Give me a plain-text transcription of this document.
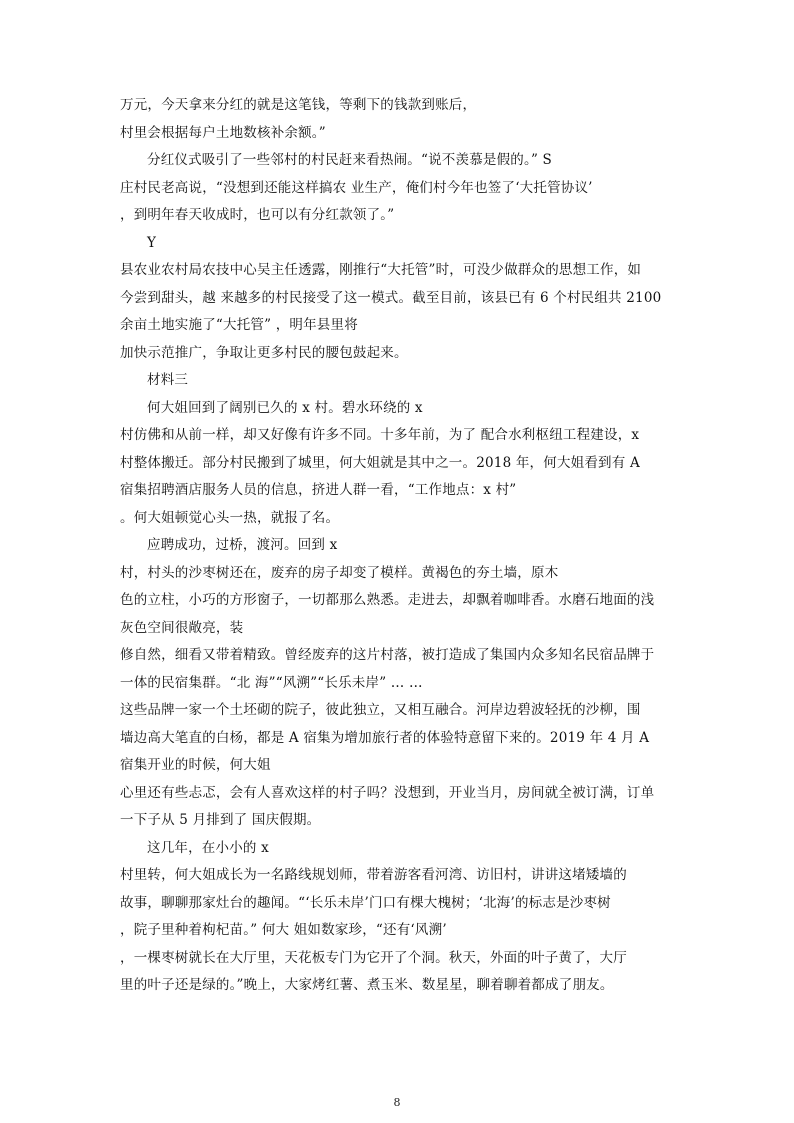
万元，今天拿来分红的就是这笔钱，等剩下的钱款到账后，
村里会根据每户土地数核补余额。”
分红仪式吸引了一些邻村的村民赶来看热闹。“说不羡慕是假的。” S
庄村民老高说，“没想到还能这样搞农 业生产，俺们村今年也签了‘大托管协议’
，到明年春天收成时，也可以有分红款领了。”
Y
县农业农村局农技中心吴主任透露，刚推行“大托管”时，可没少做群众的思想工作，如
今尝到甜头，越 来越多的村民接受了这一模式。截至目前，该县已有 6 个村民组共 2100
余亩土地实施了“大托管” ，明年县里将
加快示范推广，争取让更多村民的腰包鼓起来。
材料三
何大姐回到了阔别已久的 x 村。碧水环绕的 x
村仿佛和从前一样，却又好像有许多不同。十多年前，为了 配合水利枢纽工程建设，x
村整体搬迁。部分村民搬到了城里，何大姐就是其中之一。2018 年，何大姐看到有 A
宿集招聘酒店服务人员的信息，挤进人群一看，“工作地点：x 村”
。何大姐顿觉心头一热，就报了名。
应聘成功，过桥，渡河。回到 x
村，村头的沙枣树还在，废弃的房子却变了模样。黄褐色的夯土墙，原木
色的立柱，小巧的方形窗子，一切都那么熟悉。走进去，却飘着咖啡香。水磨石地面的浅
灰色空间很敞亮，装
修自然，细看又带着精致。曾经废弃的这片村落，被打造成了集国内众多知名民宿品牌于
一体的民宿集群。“北 海”“风溯”“长乐未岸” … …
这些品牌一家一个土坯砌的院子，彼此独立，又相互融合。河岸边碧波轻抚的沙柳，围
墙边高大笔直的白杨，都是 A 宿集为增加旅行者的体验特意留下来的。2019 年 4 月 A
宿集开业的时候，何大姐
心里还有些忐忑，会有人喜欢这样的村子吗？没想到，开业当月，房间就全被订满，订单
一下子从 5 月排到了 国庆假期。
这几年，在小小的 x
村里转，何大姐成长为一名路线规划师，带着游客看河湾、访旧村，讲讲这堵矮墙的
故事，聊聊那家灶台的趣闻。“‘长乐未岸’门口有棵大槐树；‘北海’的标志是沙枣树
，院子里种着枸杞苗。” 何大 姐如数家珍，“还有‘风溯’
，一棵枣树就长在大厅里，天花板专门为它开了个洞。秋天，外面的叶子黄了，大厅
里的叶子还是绿的。”晚上，大家烤红薯、煮玉米、数星星，聊着聊着都成了朋友。
8
